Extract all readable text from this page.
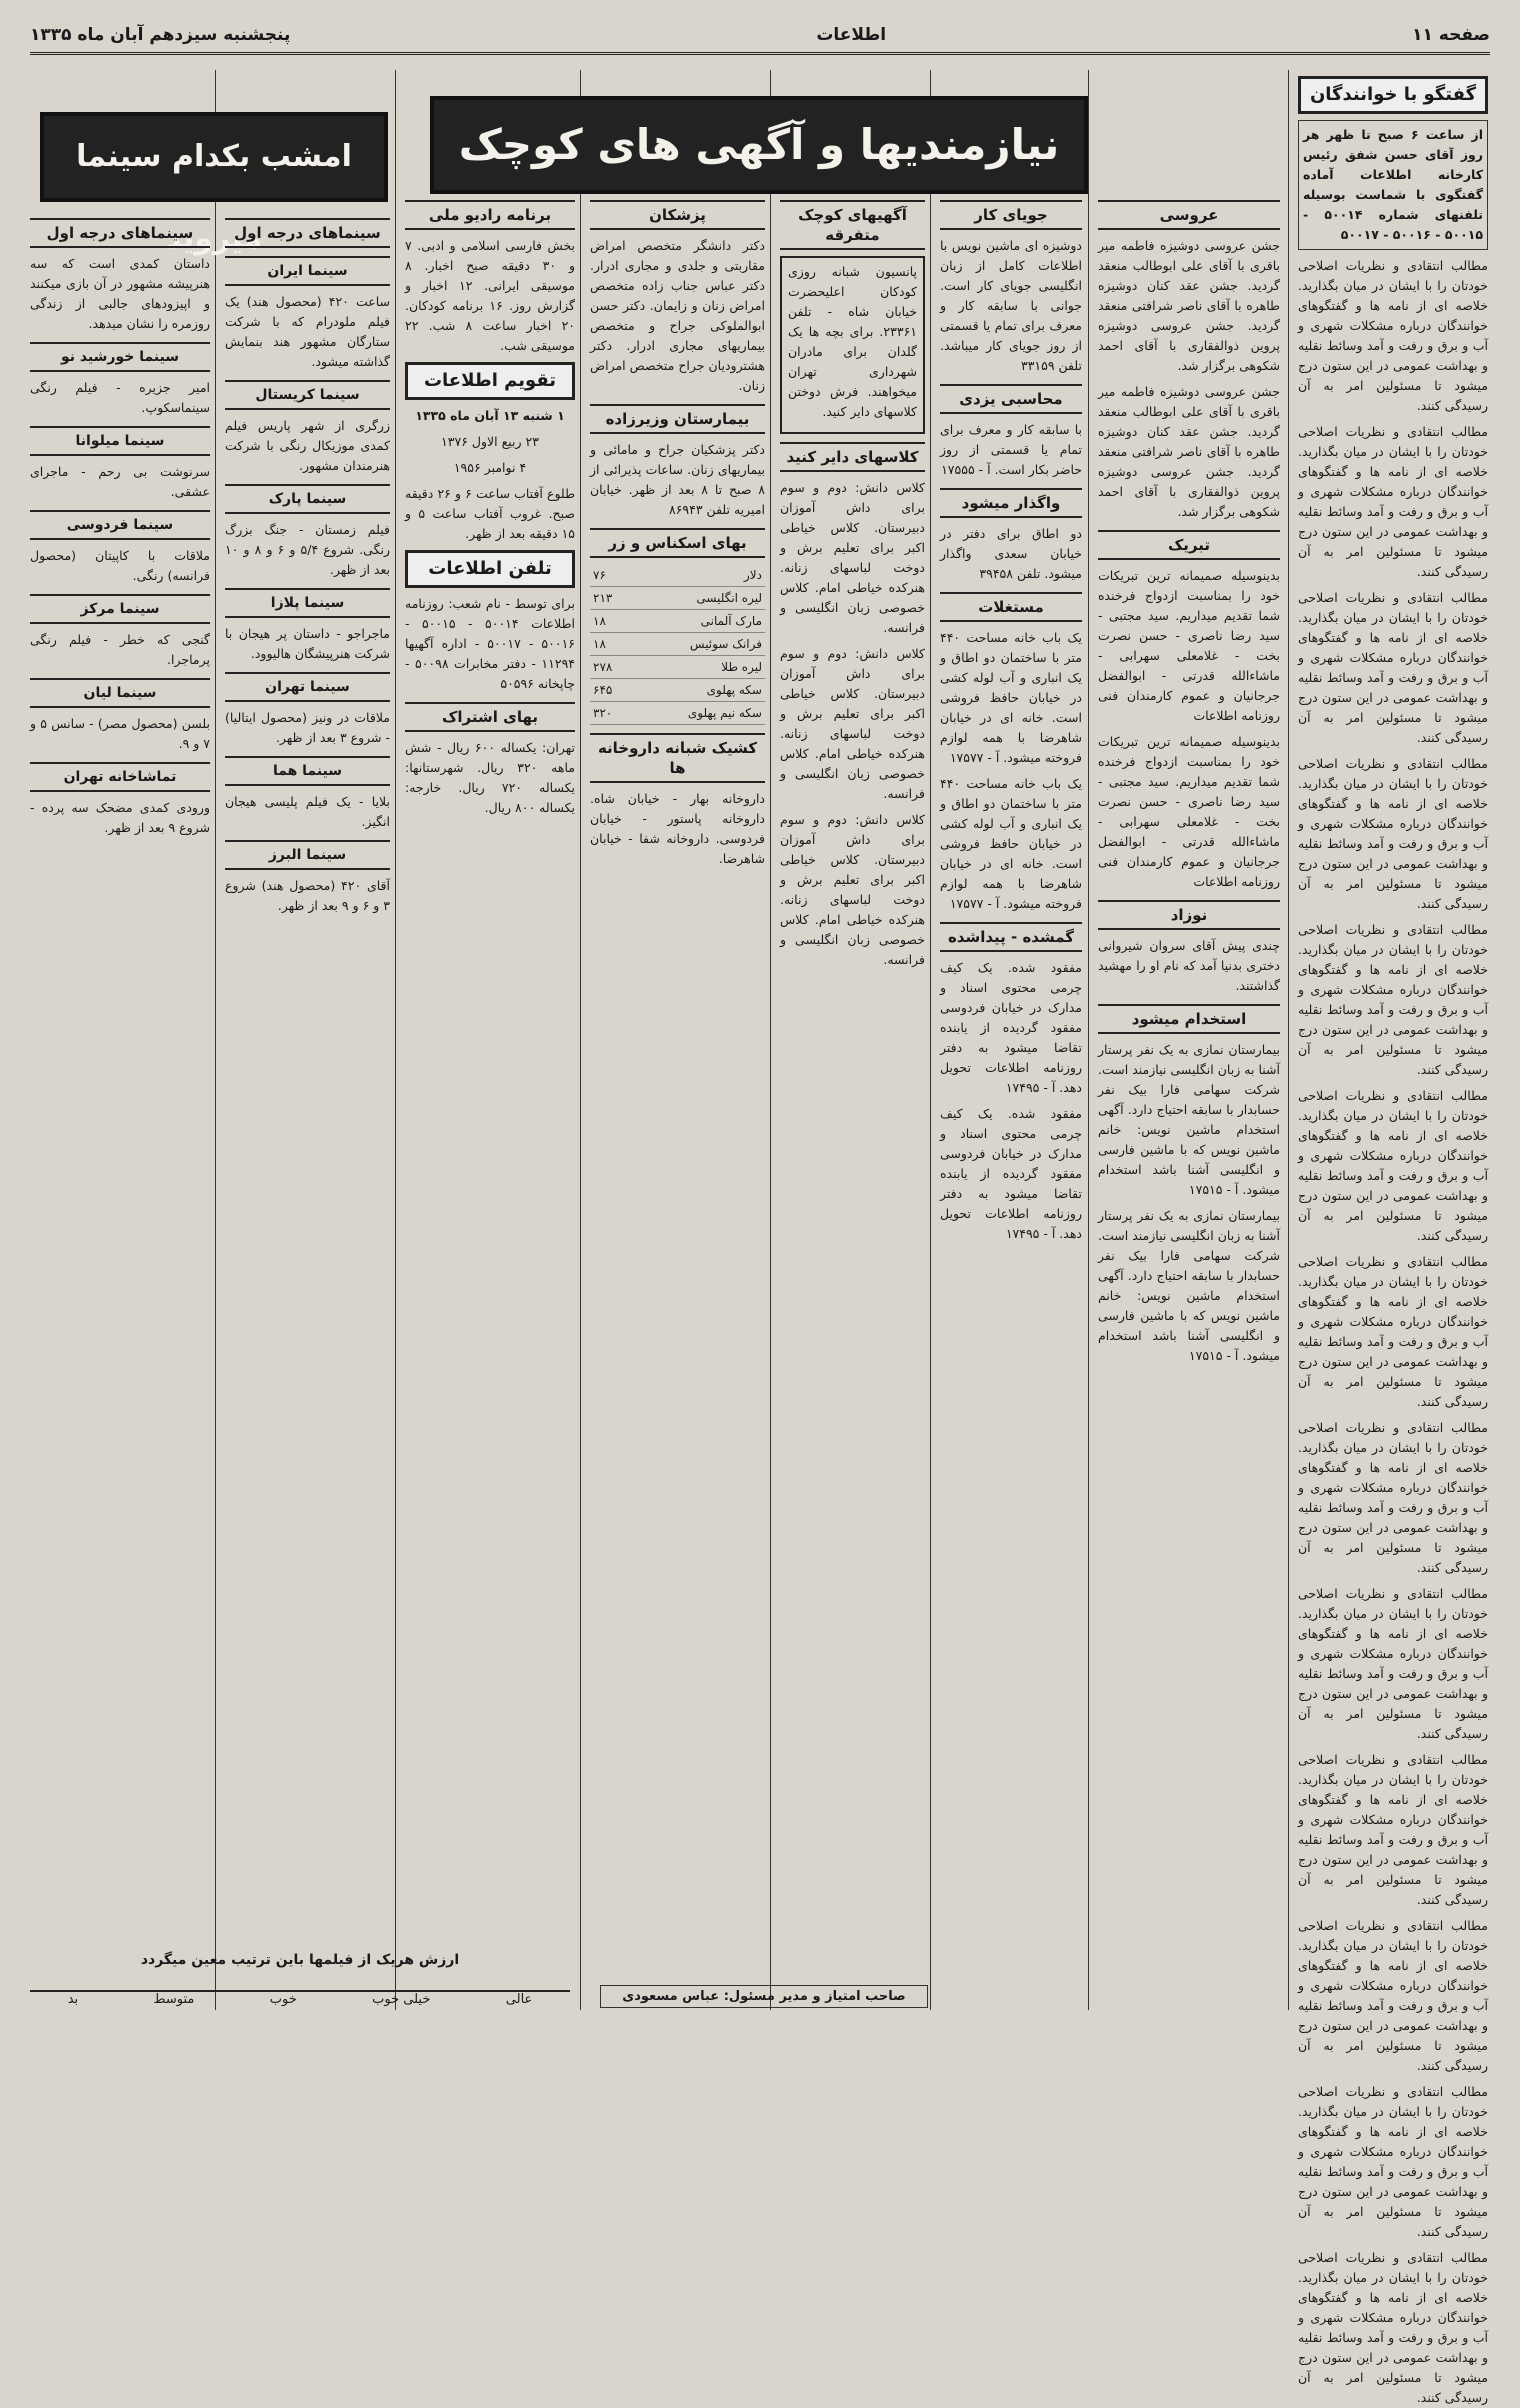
صفحه ۱۱
اطلاعات
پنجشنبه سیزدهم آبان ماه ۱۳۳۵
نیازمندیها و آگهی های کوچک
امشب بکدام سینما میروید
گفتگو با خوانندگان

از ساعت ۶ صبح تا ظهر هر روز آقای حسن شفق رئیس کارخانه اطلاعات آماده گفتگوی با شماست بوسیله تلفنهای شماره ۵۰۰۱۴ - ۵۰۰۱۵ - ۵۰۰۱۶ - ۵۰۰۱۷

مطالب انتقادی و نظریات اصلاحی خودتان را با ایشان در میان بگذارید. خلاصه ای از نامه ها و گفتگوهای خوانندگان درباره مشکلات شهری و آب و برق و رفت و آمد وسائط نقلیه و بهداشت عمومی در این ستون درج میشود تا مسئولین امر به آن رسیدگی کنند.

مطالب انتقادی و نظریات اصلاحی خودتان را با ایشان در میان بگذارید. خلاصه ای از نامه ها و گفتگوهای خوانندگان درباره مشکلات شهری و آب و برق و رفت و آمد وسائط نقلیه و بهداشت عمومی در این ستون درج میشود تا مسئولین امر به آن رسیدگی کنند.

مطالب انتقادی و نظریات اصلاحی خودتان را با ایشان در میان بگذارید. خلاصه ای از نامه ها و گفتگوهای خوانندگان درباره مشکلات شهری و آب و برق و رفت و آمد وسائط نقلیه و بهداشت عمومی در این ستون درج میشود تا مسئولین امر به آن رسیدگی کنند.

مطالب انتقادی و نظریات اصلاحی خودتان را با ایشان در میان بگذارید. خلاصه ای از نامه ها و گفتگوهای خوانندگان درباره مشکلات شهری و آب و برق و رفت و آمد وسائط نقلیه و بهداشت عمومی در این ستون درج میشود تا مسئولین امر به آن رسیدگی کنند.

مطالب انتقادی و نظریات اصلاحی خودتان را با ایشان در میان بگذارید. خلاصه ای از نامه ها و گفتگوهای خوانندگان درباره مشکلات شهری و آب و برق و رفت و آمد وسائط نقلیه و بهداشت عمومی در این ستون درج میشود تا مسئولین امر به آن رسیدگی کنند.

مطالب انتقادی و نظریات اصلاحی خودتان را با ایشان در میان بگذارید. خلاصه ای از نامه ها و گفتگوهای خوانندگان درباره مشکلات شهری و آب و برق و رفت و آمد وسائط نقلیه و بهداشت عمومی در این ستون درج میشود تا مسئولین امر به آن رسیدگی کنند.

مطالب انتقادی و نظریات اصلاحی خودتان را با ایشان در میان بگذارید. خلاصه ای از نامه ها و گفتگوهای خوانندگان درباره مشکلات شهری و آب و برق و رفت و آمد وسائط نقلیه و بهداشت عمومی در این ستون درج میشود تا مسئولین امر به آن رسیدگی کنند.

مطالب انتقادی و نظریات اصلاحی خودتان را با ایشان در میان بگذارید. خلاصه ای از نامه ها و گفتگوهای خوانندگان درباره مشکلات شهری و آب و برق و رفت و آمد وسائط نقلیه و بهداشت عمومی در این ستون درج میشود تا مسئولین امر به آن رسیدگی کنند.

مطالب انتقادی و نظریات اصلاحی خودتان را با ایشان در میان بگذارید. خلاصه ای از نامه ها و گفتگوهای خوانندگان درباره مشکلات شهری و آب و برق و رفت و آمد وسائط نقلیه و بهداشت عمومی در این ستون درج میشود تا مسئولین امر به آن رسیدگی کنند.

مطالب انتقادی و نظریات اصلاحی خودتان را با ایشان در میان بگذارید. خلاصه ای از نامه ها و گفتگوهای خوانندگان درباره مشکلات شهری و آب و برق و رفت و آمد وسائط نقلیه و بهداشت عمومی در این ستون درج میشود تا مسئولین امر به آن رسیدگی کنند.

مطالب انتقادی و نظریات اصلاحی خودتان را با ایشان در میان بگذارید. خلاصه ای از نامه ها و گفتگوهای خوانندگان درباره مشکلات شهری و آب و برق و رفت و آمد وسائط نقلیه و بهداشت عمومی در این ستون درج میشود تا مسئولین امر به آن رسیدگی کنند.

مطالب انتقادی و نظریات اصلاحی خودتان را با ایشان در میان بگذارید. خلاصه ای از نامه ها و گفتگوهای خوانندگان درباره مشکلات شهری و آب و برق و رفت و آمد وسائط نقلیه و بهداشت عمومی در این ستون درج میشود تا مسئولین امر به آن رسیدگی کنند.

مطالب انتقادی و نظریات اصلاحی خودتان را با ایشان در میان بگذارید. خلاصه ای از نامه ها و گفتگوهای خوانندگان درباره مشکلات شهری و آب و برق و رفت و آمد وسائط نقلیه و بهداشت عمومی در این ستون درج میشود تا مسئولین امر به آن رسیدگی کنند.

عروسی

جشن عروسی دوشیزه فاطمه میر باقری با آقای علی ابوطالب منعقد گردید. جشن عقد کنان دوشیزه طاهره با آقای ناصر شرافتی منعقد گردید. جشن عروسی دوشیزه پروین ذوالفقاری با آقای احمد شکوهی برگزار شد.

جشن عروسی دوشیزه فاطمه میر باقری با آقای علی ابوطالب منعقد گردید. جشن عقد کنان دوشیزه طاهره با آقای ناصر شرافتی منعقد گردید. جشن عروسی دوشیزه پروین ذوالفقاری با آقای احمد شکوهی برگزار شد.

تبریک

بدینوسیله صمیمانه ترین تبریکات خود را بمناسبت ازدواج فرخنده شما تقدیم میداریم. سید مجتبی - سید رضا ناصری - حسن نصرت بخت - غلامعلی سهرابی - ماشاءالله قدرتی - ابوالفضل جرجانیان و عموم کارمندان فنی روزنامه اطلاعات

بدینوسیله صمیمانه ترین تبریکات خود را بمناسبت ازدواج فرخنده شما تقدیم میداریم. سید مجتبی - سید رضا ناصری - حسن نصرت بخت - غلامعلی سهرابی - ماشاءالله قدرتی - ابوالفضل جرجانیان و عموم کارمندان فنی روزنامه اطلاعات

نوزاد

چندی پیش آقای سروان شیروانی دختری بدنیا آمد که نام او را مهشید گذاشتند.

استخدام میشود

بیمارستان نمازی به یک نفر پرستار آشنا به زبان انگلیسی نیازمند است. شرکت سهامی فارا بیک نفر حسابدار با سابقه احتیاج دارد. آگهی استخدام ماشین نویس: خانم ماشین نویس که با ماشین فارسی و انگلیسی آشنا باشد استخدام میشود. آ - ۱۷۵۱۵

بیمارستان نمازی به یک نفر پرستار آشنا به زبان انگلیسی نیازمند است. شرکت سهامی فارا بیک نفر حسابدار با سابقه احتیاج دارد. آگهی استخدام ماشین نویس: خانم ماشین نویس که با ماشین فارسی و انگلیسی آشنا باشد استخدام میشود. آ - ۱۷۵۱۵

جویای کار

دوشیزه ای ماشین نویس با اطلاعات کامل از زبان انگلیسی جویای کار است. جوانی با سابقه کار و معرف برای تمام یا قسمتی از روز جویای کار میباشد. تلفن ۳۳۱۵۹

محاسبی یزدی

با سابقه کار و معرف برای تمام یا قسمتی از روز حاضر بکار است. آ - ۱۷۵۵۵

واگذار میشود

دو اطاق برای دفتر در خیابان سعدی واگذار میشود. تلفن ۳۹۴۵۸

مستغلات

یک باب خانه مساحت ۴۴۰ متر با ساختمان دو اطاق و یک انباری و آب لوله کشی در خیابان حافظ فروشی است. خانه ای در خیابان شاهرضا با همه لوازم فروخته میشود. آ - ۱۷۵۷۷

یک باب خانه مساحت ۴۴۰ متر با ساختمان دو اطاق و یک انباری و آب لوله کشی در خیابان حافظ فروشی است. خانه ای در خیابان شاهرضا با همه لوازم فروخته میشود. آ - ۱۷۵۷۷

گمشده - پیداشده

مفقود شده. یک کیف چرمی محتوی اسناد و مدارک در خیابان فردوسی مفقود گردیده از یابنده تقاضا میشود به دفتر روزنامه اطلاعات تحویل دهد. آ - ۱۷۴۹۵

مفقود شده. یک کیف چرمی محتوی اسناد و مدارک در خیابان فردوسی مفقود گردیده از یابنده تقاضا میشود به دفتر روزنامه اطلاعات تحویل دهد. آ - ۱۷۴۹۵

آگهیهای کوچک متفرقه

پانسیون شبانه روزی کودکان اعلیحضرت خیابان شاه - تلفن ۲۳۳۶۱. برای بچه ها یک گلدان برای مادران شهرداری تهران میخواهند. فرش دوختن کلاسهای دایر کنید.

کلاسهای دایر کنید

کلاس دانش: دوم و سوم برای داش آموزان دبیرستان. کلاس خیاطی اکبر برای تعلیم برش و دوخت لباسهای زنانه. هنرکده خیاطی امام. کلاس خصوصی زبان انگلیسی و فرانسه.

کلاس دانش: دوم و سوم برای داش آموزان دبیرستان. کلاس خیاطی اکبر برای تعلیم برش و دوخت لباسهای زنانه. هنرکده خیاطی امام. کلاس خصوصی زبان انگلیسی و فرانسه.

کلاس دانش: دوم و سوم برای داش آموزان دبیرستان. کلاس خیاطی اکبر برای تعلیم برش و دوخت لباسهای زنانه. هنرکده خیاطی امام. کلاس خصوصی زبان انگلیسی و فرانسه.

پزشکان

دکتر دانشگر متخصص امراض مقاربتی و جلدی و مجاری ادرار. دکتر عباس جناب زاده متخصص امراض زنان و زایمان. دکتر حسن ابوالملوکی جراح و متخصص بیماریهای مجاری ادرار. دکتر هشترودیان جراح متخصص امراض زنان.

بیمارستان وزیرزاده

دکتر پزشکیان جراح و مامائی و بیماریهای زنان. ساعات پذیرائی از ۸ صبح تا ۸ بعد از ظهر. خیابان امیریه تلفن ۸۶۹۴۳

بهای اسکناس و زر
دلار	۷۶
لیره انگلیسی	۲۱۳
مارک آلمانی	۱۸
فرانک سوئیس	۱۸
لیره طلا	۲۷۸
سکه پهلوی	۶۴۵
سکه نیم پهلوی	۳۲۰
کشیک شبانه داروخانه ها

داروخانه بهار - خیابان شاه. داروخانه پاستور - خیابان فردوسی. داروخانه شفا - خیابان شاهرضا.

برنامه رادیو ملی

بخش فارسی اسلامی و ادبی. ۷ و ۳۰ دقیقه صبح اخبار. ۸ موسیقی ایرانی. ۱۲ اخبار و گزارش روز. ۱۶ برنامه کودکان. ۲۰ اخبار ساعت ۸ شب. ۲۲ موسیقی شب.

تقویم اطلاعات

۱ شنبه ۱۳ آبان ماه ۱۳۳۵

۲۳ ربیع الاول ۱۳۷۶

۴ نوامبر ۱۹۵۶

طلوع آفتاب ساعت ۶ و ۲۶ دقیقه صبح. غروب آفتاب ساعت ۵ و ۱۵ دقیقه بعد از ظهر.

تلفن اطلاعات

برای توسط - نام شعب: روزنامه اطلاعات ۵۰۰۱۴ - ۵۰۰۱۵ - ۵۰۰۱۶ - ۵۰۰۱۷ - اداره آگهیها ۱۱۲۹۴ - دفتر مخابرات ۵۰۰۹۸ - چاپخانه ۵۰۵۹۶

بهای اشتراک

تهران: یکساله ۶۰۰ ریال - شش ماهه ۳۲۰ ریال. شهرستانها: یکساله ۷۲۰ ریال. خارجه: یکساله ۸۰۰ ریال.

سینماهای درجه اول
سینما ایران

ساعت ۴۲۰ (محصول هند) یک فیلم ملودرام که با شرکت ستارگان مشهور هند بنمایش گذاشته میشود.

سینما کریستال

زرگری از شهر پاریس فیلم کمدی موزیکال رنگی با شرکت هنرمندان مشهور.

سینما پارک

فیلم زمستان - جنگ بزرگ رنگی. شروع ۵/۴ و ۶ و ۸ و ۱۰ بعد از ظهر.

سینما پلازا

ماجراجو - داستان پر هیجان با شرکت هنرپیشگان هالیوود.

سینما تهران

ملاقات در ونیز (محصول ایتالیا) - شروع ۳ بعد از ظهر.

سینما هما

بلایا - یک فیلم پلیسی هیجان انگیز.

سینما البرز

آقای ۴۲۰ (محصول هند) شروع ۳ و ۶ و ۹ بعد از ظهر.

سینماهای درجه اول

داستان کمدی است که سه هنرپیشه مشهور در آن بازی میکنند و اپیزودهای جالبی از زندگی روزمره را نشان میدهد.

سینما خورشید نو

امیر جزیره - فیلم رنگی سینماسکوپ.

سینما میلوانا

سرنوشت بی رحم - ماجرای عشقی.

سینما فردوسی

ملاقات با کاپیتان (محصول فرانسه) رنگی.

سینما مرکز

گنجی که خطر - فیلم رنگی پرماجرا.

سینما لیان

بلسن (محصول مصر) - سانس ۵ و ۷ و ۹.

تماشاخانه تهران

ورودی کمدی مضحک سه پرده - شروع ۹ بعد از ظهر.

ارزش هریک از فیلمها باین ترتیب معین میگردد
عالی
خیلی خوب
خوب
متوسط
بد	صاحب امتیاز و مدیر مسئول: عباس مسعودی
